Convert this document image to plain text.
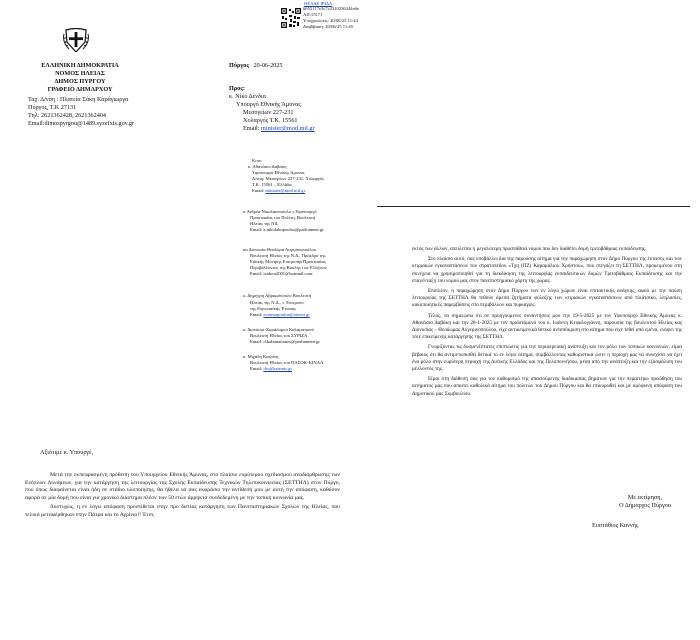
ΕΛΛΗΝΙΚΗ ΔΗΜΟΚΡΑΤΙΑ
ΝΟΜΟΣ ΗΛΕΙΑΣ
ΔΗΜΟΣ ΠΥΡΓΟΥ
ΓΡΑΦΕΙΟ ΔΗΜΑΡΧΟΥ
Ταχ. Δ/νση : Πλατεία Σάκη Καράγιωργα
Πύργος, Τ.Κ.27131
Τηλ: 2621362428, 2621362404
Email:dimospyrgou@1489.syzefxis.gov.gr
ΘΕΑΔΕ ΙΡΙΔΑ
6655117e3c7c2310236244e6e
ΑΠ:15171
Υποχρεώσεις: 20/06/25 11:44
Διαβίβαση: 20/06/25 11:45
Πύργος 20-06-2025
Προς:
κ. Νίκο Δένδια
Υπουργό Εθνικής Άμυνας
Μεσογείων 227-231
Χολαργός Τ.Κ. 15561
Email: minister@mod.mil.gr
Κοιν:
κ. Αθανάσιο Δαβάκη
Υφυπουργό Εθνικής Άμυνας
Δ/νση: Μεσογείων 227-231, Χολαργός
Τ.Κ. 15561 – Ελλάδα,
Email: minister@mod.mil.gr
κ.Ανδρέα Νικολακόπουλο τ.Υφυπουργό
Προστασίας του Πολίτη, Βουλευτή
Ηλείας της ΝΔ
Email: a.nikolakopoulos@parliament.gr
κα Διονυσία Θεοδώρα Αυγερινοπούλου
Βουλευτή Ηλείας της Ν.Δ., Πρόεδρο της
Ειδικής Μόνιμης Επιτροπής Προστασίας
Περιβάλλοντος της Βουλής των Ελλήνων
Email: isidora2001@hotmail.com
κ. Δημήτρη Αβραμόπουλο Βουλευτή
Ηλείας της Ν.Δ., τ. Επίτροπο
της Ευρωπαϊκής Ένωσης
Email: avramopoulos@otenet.gr
κ. Διονύσιο-Χαράλαμπο Καλαματιανό
Βουλευτή Ηλείας του ΣΥΡΙΖΑ
Email: d.kalamatianos@parliament.gr
κ. Μιχάλη Κατρίνη
Βουλευτή Ηλείας του ΠΑΣΟΚ-ΚΙΝΑΛ
Email: ilis@katrinis.gr
Αξιότιμε κ. Υπουργέ,

Μετά την εκπεφρασμένη πρόθεση του Υπουργείου Εθνικής Άμυνας, στο πλαίσιο ευρύτερου σχεδιασμού αναδιάρθρωσης των Ενόπλων Δυνάμεων, για την κατάργηση της λειτουργίας της Σχολής Εκπαίδευσης Τεχνικών Τηλεπικοινωνίας (ΣΕΤΤΗΛ) στον Πύργο, που όπως διαφαίνεται είναι ήδη σε στάδιο υλοποίησης, θα ήθελα να σας εκφράσω την αντίθεσή μου με αυτή την απόφαση, καθόσον αφορά σε μία δομή που είναι για χρονικό διάστημα πλέον των 50 ετών άρρηκτα συνδεδεμένη με την τοπική κοινωνία μας.

Δυστυχώς, η εν λόγω απόφαση προστίθεται στην προ διετίας κατάργηση των Πανεπιστημιακών Σχολών της Ηλείας, που τελικά μεταφέρθηκαν στην Πάτρα και το Αγρίνιο!! Έτσι,

εκτός των άλλων, απειλείται η μεγαλύτερη προσπάθεια νομού που δεν διαθέτει δομή τριτοβάθμιας εκπαίδευσης.

Στο πλαίσιο αυτό, σας υποβάλλω δια της παρούσης αίτημα για την παραχώρηση στον Δήμο Πύργου της έκτασης και των κτιριακών εγκαταστάσεων του στρατοπέδου «Τχη (ΠΖ) Καραμάλιου Χρήστου», που στεγάζει τη ΣΕΤΤΗΛ, προκειμένου στη συνέχεια να χρησιμοποιηθεί για τη διεκδίκηση της λειτουργίας εκπαιδευτικών δομών Τριτοβάθμιας Εκπαίδευσης και την επανένταξη του νομού μας στον πανεπιστημιακό χάρτη της χώρας.

Επιπλέον, η παραχώρηση στον Δήμο Πύργου των εν λόγω χώρων είναι επιτακτικής ανάγκης, αφού με την παύση λειτουργίας της ΣΕΤΤΗΛ θα τεθούν άμεσα ζητήματα φύλαξης των κτιριακών εγκαταστάσεων από πλιάτσικο, λεηλασίες, κακοποιητικές παρεμβάσεις στο περιβάλλον και πυρκαγιές.

Τέλος, να σημειώσω ότι σε προηγούμενες συναντήσεις μου την 19-5-2025 με τον Υφυπουργό Εθνικής Άμυνας κ. Αθανάσιο Δαβάκη και την 28-1-2025 με τον προϊστάμενό του κ. Ιωάννη Κεφαλογιάννη, παρουσία της βουλευτού Ηλείας κας Διονυσίας – Θεοδώρας Αυγερινοπούλου, είχε αντικειμενικά θετικό ανταπόκριση στο αίτημα που είχε τεθεί από εμένα, ενόψει της τότε επικείμενης κατάργησης της ΣΕΤΤΗΛ.

Γνωρίζοντας τις δυσμενέστατες επιπτώσεις για την περιφερειακή ανάπτυξη και τον ρόλο των τοπικών κοινωνιών, είμαι βέβαιος ότι θα αντιμετωπισθεί θετικά το εν λόγω αίτημα, συμβάλλοντας καθοριστικά ώστε η περιοχή μας να συνεχίσει να έχει ένα ρόλο στην ευρύτερη περιοχή της Δυτικής Ελλάδος και της Πελοποννήσου, μέσα από την ανάπτυξη και την εξασφάλιση του μέλλοντός της.

Είμαι στη διάθεσή σας για τον καθορισμό της απαιτούμενης διαδικασίας βημάτων για την περαιτέρω προώθηση του αιτήματος μας που απαιτεί καθολικά αίτημα του πολιτών του Δήμου Πύργου και θα επικυρωθεί και με ομόφωνη απόφαση του Δημοτικού μας Συμβουλίου.

Με εκτίμηση,
Ο Δήμαρχος Πύργου
Ευστάθιος Καννής
